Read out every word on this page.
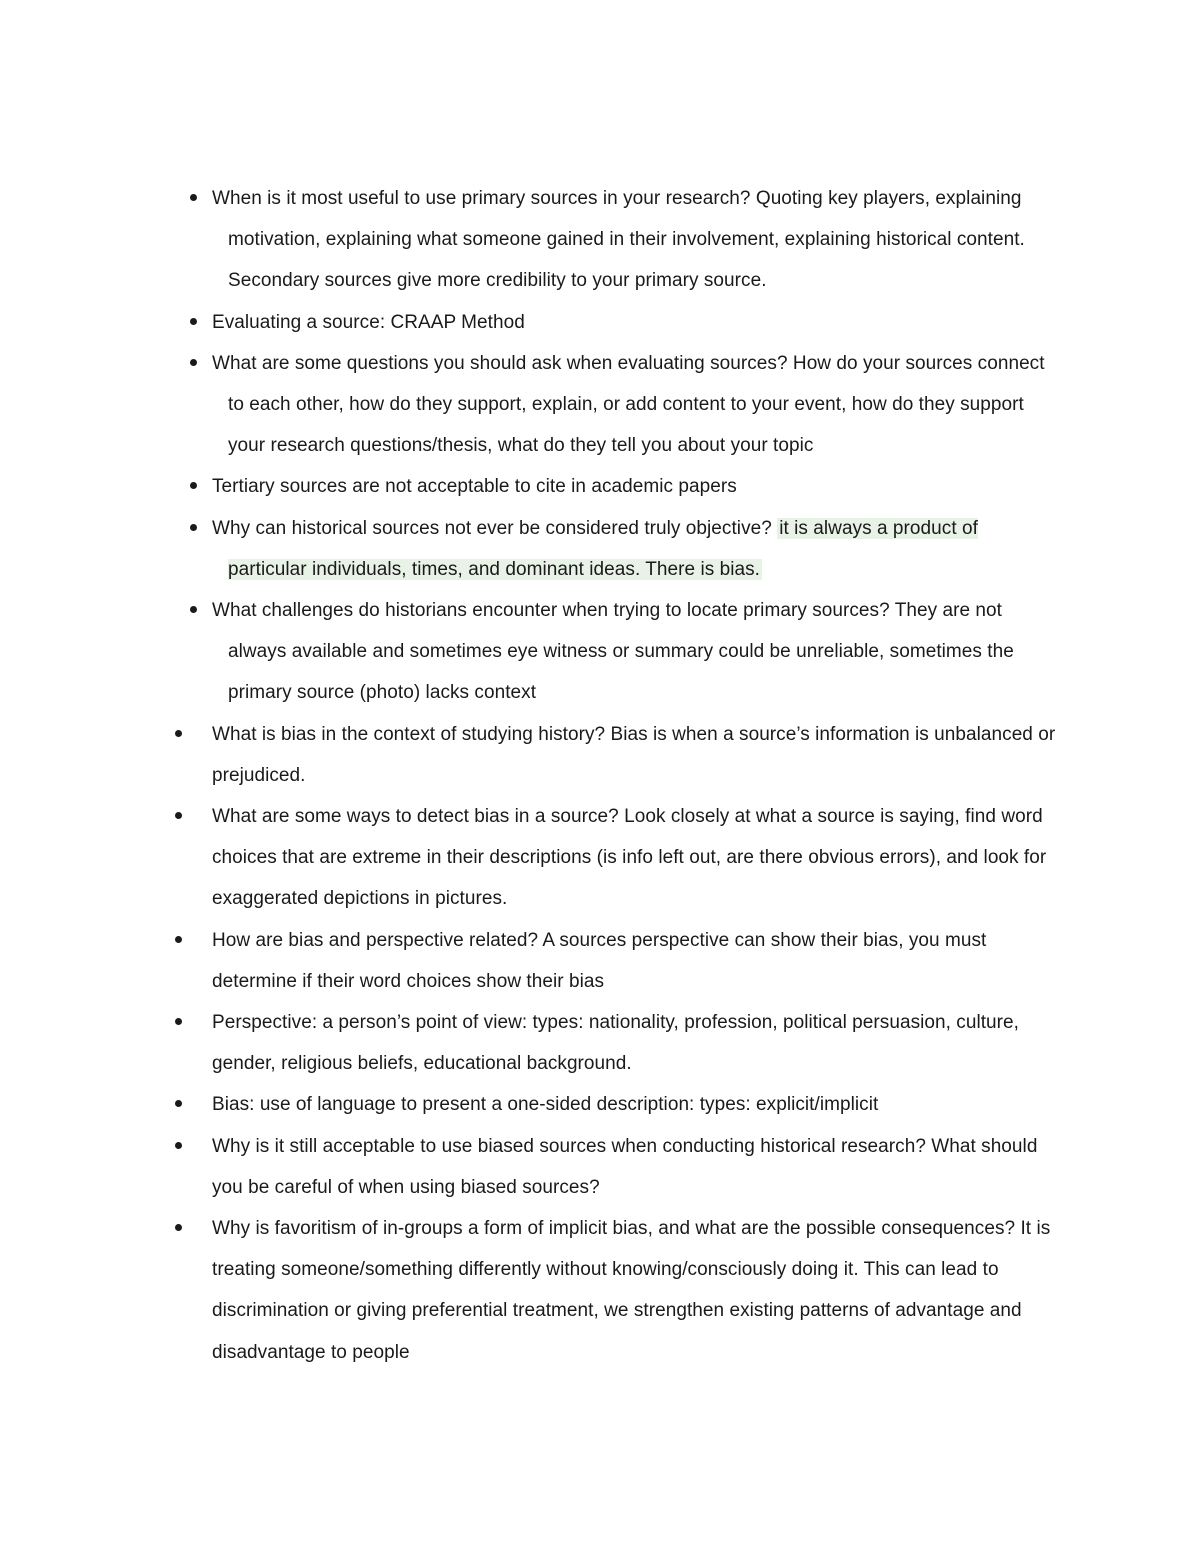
When is it most useful to use primary sources in your research? Quoting key players, explaining motivation, explaining what someone gained in their involvement, explaining historical content. Secondary sources give more credibility to your primary source.
Evaluating a source: CRAAP Method
What are some questions you should ask when evaluating sources? How do your sources connect to each other, how do they support, explain, or add content to your event, how do they support your research questions/thesis, what do they tell you about your topic
Tertiary sources are not acceptable to cite in academic papers
Why can historical sources not ever be considered truly objective? it is always a product of particular individuals, times, and dominant ideas. There is bias.
What challenges do historians encounter when trying to locate primary sources? They are not always available and sometimes eye witness or summary could be unreliable, sometimes the primary source (photo) lacks context
What is bias in the context of studying history? Bias is when a source’s information is unbalanced or prejudiced.
What are some ways to detect bias in a source? Look closely at what a source is saying, find word choices that are extreme in their descriptions (is info left out, are there obvious errors), and look for exaggerated depictions in pictures.
How are bias and perspective related? A sources perspective can show their bias, you must determine if their word choices show their bias
Perspective: a person’s point of view: types: nationality, profession, political persuasion, culture, gender, religious beliefs, educational background.
Bias: use of language to present a one-sided description: types: explicit/implicit
Why is it still acceptable to use biased sources when conducting historical research? What should you be careful of when using biased sources?
Why is favoritism of in-groups a form of implicit bias, and what are the possible consequences? It is treating someone/something differently without knowing/consciously doing it. This can lead to discrimination or giving preferential treatment, we strengthen existing patterns of advantage and disadvantage to people
